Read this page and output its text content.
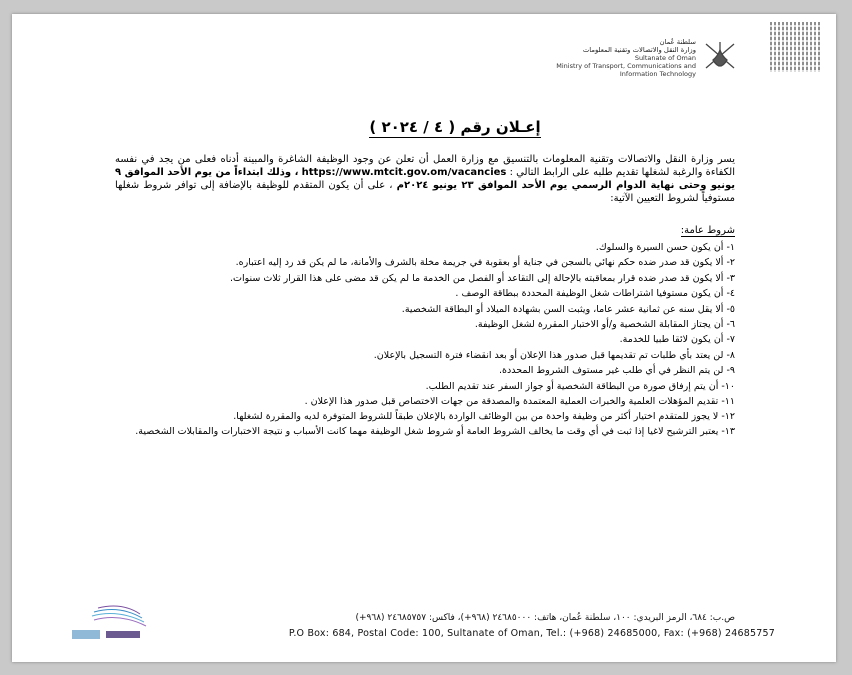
سلطنة عُمان
وزارة النقل والاتصالات وتقنية المعلومات
Sultanate of Oman
Ministry of Transport, Communications and
Information Technology
إعـلان رقم ( ٤ / ٢٠٢٤ )
يسر وزارة النقل والاتصالات وتقنية المعلومات بالتنسيق مع وزارة العمل أن تعلن عن وجود الوظيفة الشاغرة والمبينة أدناه فعلى من يجد في نفسه الكفاءة والرغبة لشغلها تقديم طلبه على الرابط التالي : https://www.mtcit.gov.om/vacancies ، وذلك ابتداءاً من يوم الأحد الموافق ٩ يونيو وحتى نهاية الدوام الرسمي يوم الأحد الموافق ٢٣ يونيو ٢٠٢٤م ، على أن يكون المتقدم للوظيفة بالإضافة إلى توافر شروط شغلها مستوفياً لشروط التعيين الآتية:
شروط عامة:
١- أن يكون حسن السيرة والسلوك.
٢- ألا يكون قد صدر ضده حكم نهائي بالسجن في جناية أو بعقوبة في جريمة مخلة بالشرف والأمانة، ما لم يكن قد رد إليه اعتباره.
٣- ألا يكون قد صدر ضده قرار بمعاقبته بالإحالة إلى التقاعد أو الفصل من الخدمة ما لم يكن قد مضى على هذا القرار ثلاث سنوات.
٤- أن يكون مستوفيا اشتراطات شغل الوظيفة المحددة ببطاقة الوصف .
٥- ألا يقل سنه عن ثمانية عشر عاما، ويثبت السن بشهادة الميلاد أو البطاقة الشخصية.
٦- أن يجتاز المقابلة الشخصية و/أو الاختبار المقررة لشغل الوظيفة.
٧- أن يكون لائقا طبيا للخدمة.
٨- لن يعتد بأي طلبات تم تقديمها قبل صدور هذا الإعلان أو بعد انقضاء فترة التسجيل بالإعلان.
٩- لن يتم النظر في أي طلب غير مستوف الشروط المحددة.
١٠- أن يتم إرفاق صورة من البطاقة الشخصية أو جواز السفر عند تقديم الطلب.
١١- تقديم المؤهلات العلمية والخبرات العملية المعتمدة والمصدقة من جهات الاختصاص قبل صدور هذا الإعلان .
١٢- لا يجوز للمتقدم اختيار أكثر من وظيفة واحدة من بين الوظائف الواردة بالإعلان طبقاً للشروط المتوفرة لديه والمقررة لشغلها.
١٣- يعتبر الترشيح لاغيا إذا ثبت في أي وقت ما يخالف الشروط العامة أو شروط شغل الوظيفة مهما كانت الأسباب و نتيجة الاختبارات والمقابلات الشخصية.
ص.ب: ٦٨٤، الرمز البريدي: ١٠٠، سلطنة عُمان، هاتف: ٢٤٦٨٥٠٠٠ (٩٦٨+)، فاكس: ٢٤٦٨٥٧٥٧ (٩٦٨+)
P.O Box: 684, Postal Code: 100, Sultanate of Oman, Tel.: (+968) 24685000, Fax: (+968) 24685757
